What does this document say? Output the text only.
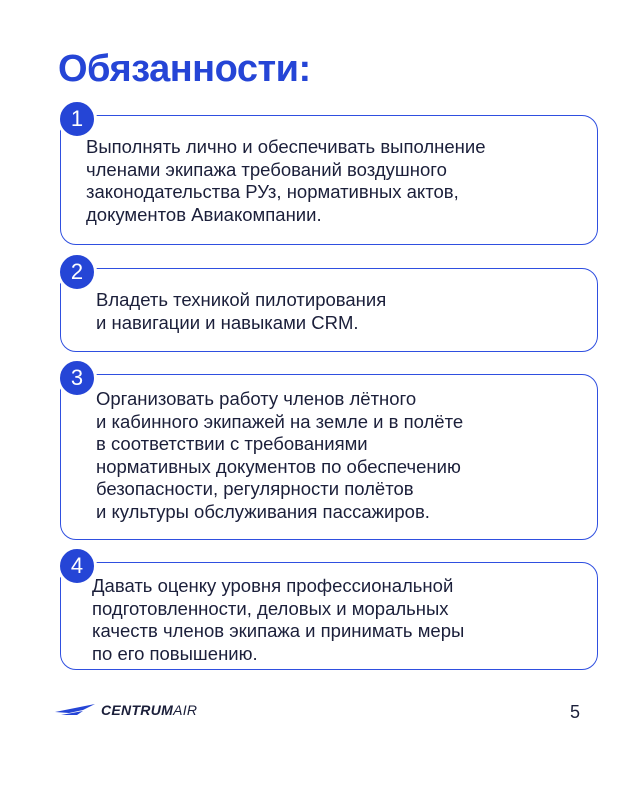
Обязанности:
1
Выполнять лично и обеспечивать выполнение
членами экипажа требований воздушного
законодательства РУз, нормативных актов,
документов Авиакомпании.
2
Владеть техникой пилотирования
и навигации и навыками CRM.
3
Организовать работу членов лётного
и кабинного экипажей на земле и в полёте
в соответствии с требованиями
нормативных документов по обеспечению
безопасности, регулярности полётов
и культуры обслуживания пассажиров.
4
Давать оценку уровня профессиональной
подготовленности, деловых и моральных
качеств членов экипажа и принимать меры
по его повышению.
CENTRUMAIR	5
